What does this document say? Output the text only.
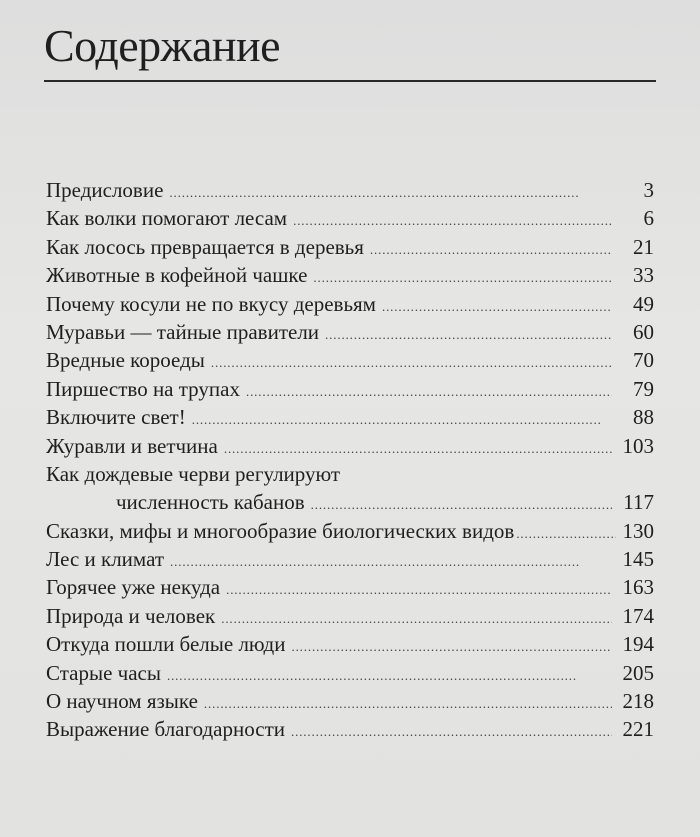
Содержание
Предисловие . . .	3
Как волки помогают лесам . . .	6
Как лосось превращается в деревья . . .	21
Животные в кофейной чашке . . .	33
Почему косули не по вкусу деревьям . . .	49
Муравьи — тайные правители . . .	60
Вредные короеды . . .	70
Пиршество на трупах . . .	79
Включите свет! . . .	88
Журавли и ветчина . . .	103
Как дождевые черви регулируют
численность кабанов . . .	117
Сказки, мифы и многообразие биологических видов . . .	130
Лес и климат . . .	145
Горячее уже некуда . . .	163
Природа и человек . . .	174
Откуда пошли белые люди . . .	194
Старые часы . . .	205
О научном языке . . .	218
Выражение благодарности . . .	221
